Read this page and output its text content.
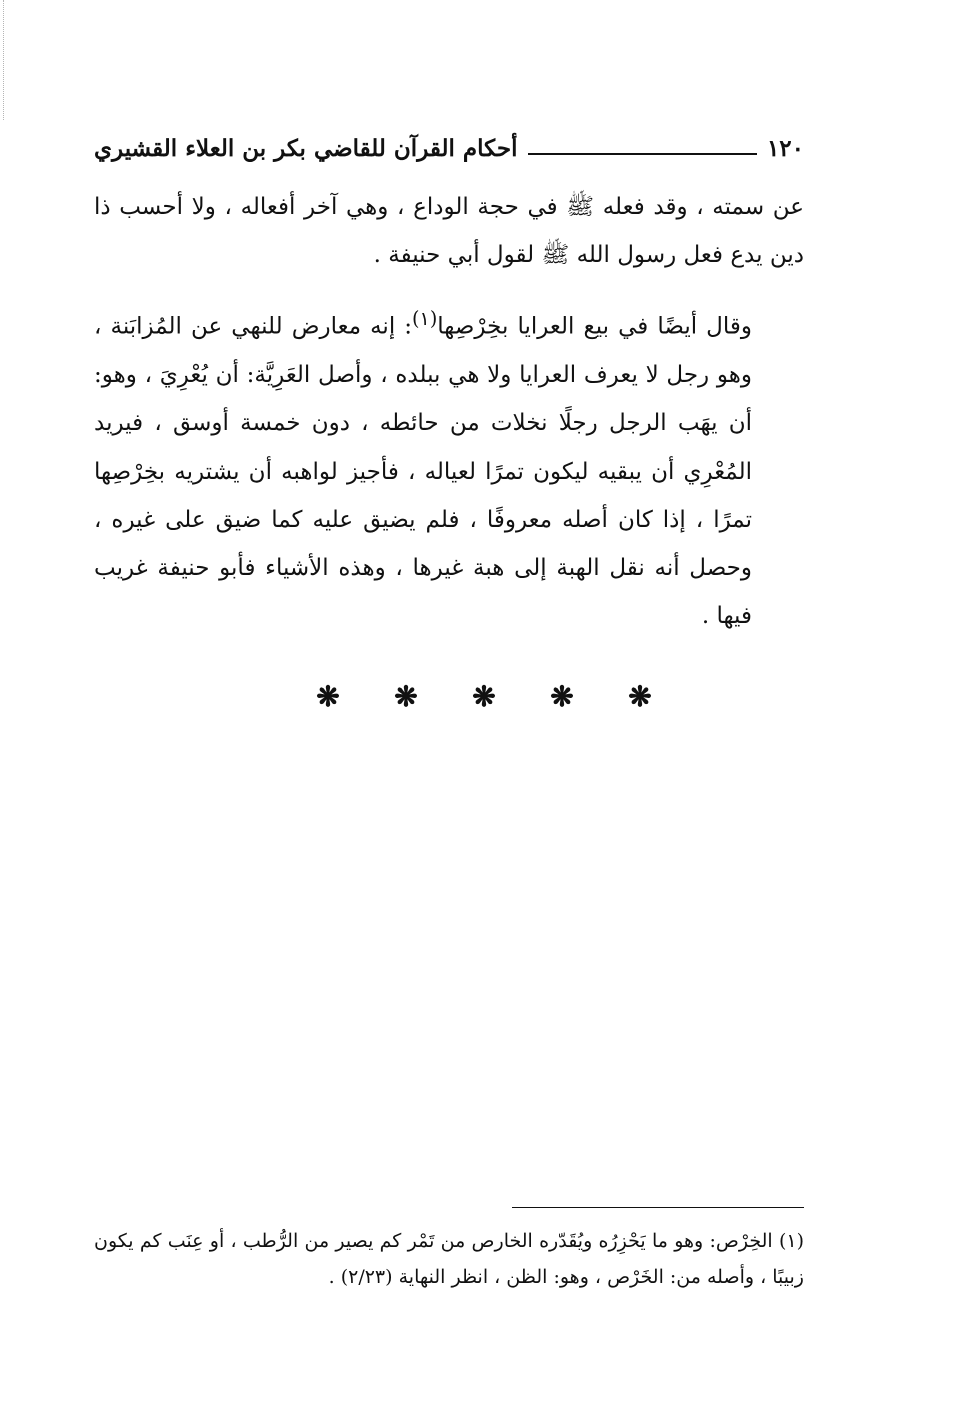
١٢٠
أحكام القرآن للقاضي بكر بن العلاء القشيري

عن سمته ، وقد فعله ﷺ في حجة الوداع ، وهي آخر أفعاله ، ولا أحسب ذا دين يدع فعل رسول الله ﷺ لقول أبي حنيفة .

وقال أيضًا في بيع العرايا بخِرْصِها$^{(١)}$: إنه معارض للنهي عن المُزابَنة ، وهو رجل لا يعرف العرايا ولا هي ببلده ، وأصل العَرِيَّة: أن يُعْرِيَ ، وهو: أن يهَب الرجل رجلًا نخلات من حائطه ، دون خمسة أوسق ، فيريد المُعْرِي أن يبقيه ليكون تمرًا لعياله ، فأجيز لواهبه أن يشتريه بخِرْصِها تمرًا ، إذا كان أصله معروفًا ، فلم يضيق عليه كما ضيق على غيره ، وحصل أنه نقل الهبة إلى هبة غيرها ، وهذه الأشياء فأبو حنيفة غريب فيها .

❋ ❋ ❋ ❋ ❋

(١) الخِرْص: وهو ما يَحْزِرُه ويُقَدّره الخارص من تَمْر كم يصير من الرُّطب ، أو عِنَب كم يكون زبيبًا ، وأصله من: الخَرْص ، وهو: الظن ، انظر النهاية (٢/٢٣) .
